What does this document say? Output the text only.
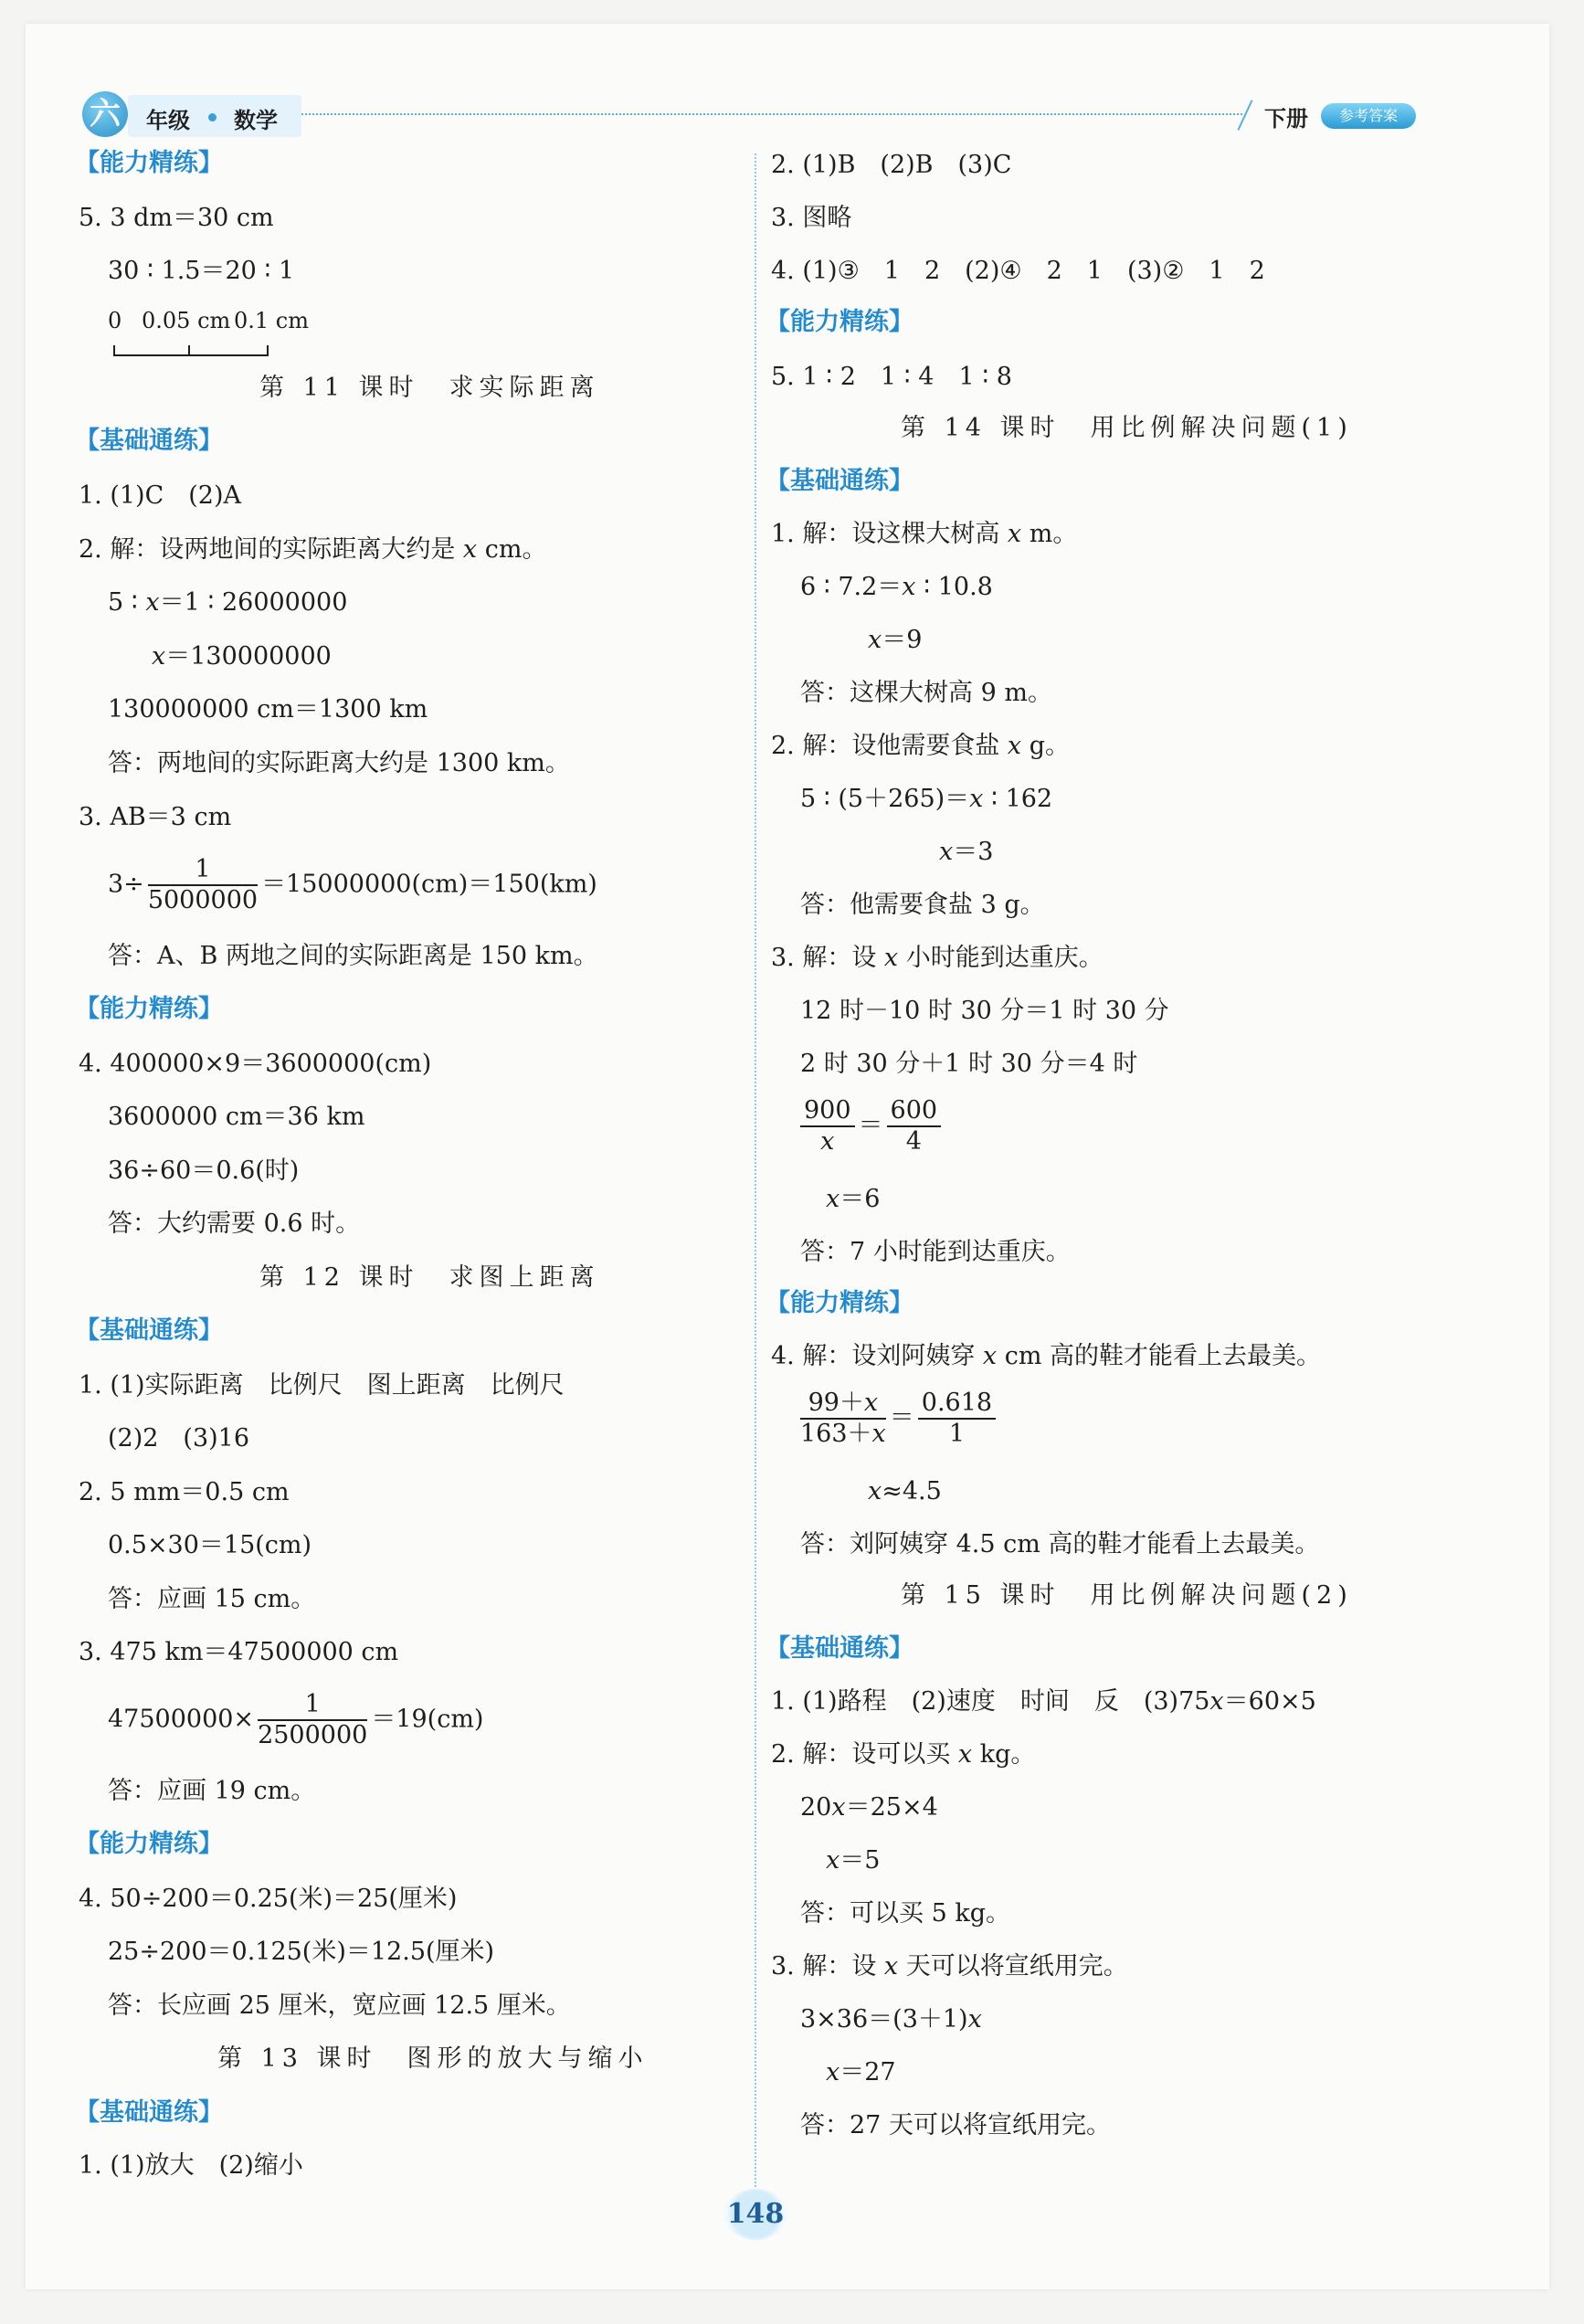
六	年级 数学	下册	参考答案
【能力精练】
5. 3 dm＝30 cm
30 ∶ 1.5＝20 ∶ 1
0 0.05 cm 0.1 cm
第 11 课时　求实际距离
【基础通练】
1. (1)C　(2)A
2. 解：设两地间的实际距离大约是 𝑥 cm。
5 ∶ 𝑥＝1 ∶ 26000000
𝑥＝130000000
130000000 cm＝1300 km
答：两地间的实际距离大约是 1300 km。
3. AB＝3 cm
$3\div \frac{1}{5000000} =15000000(cm)=150(km)$
答：A、B 两地之间的实际距离是 150 km。
【能力精练】
4. 400000×9＝3600000(cm)
3600000 cm＝36 km
36÷60＝0.6(时)
答：大约需要 0.6 时。
第 12 课时　求图上距离
【基础通练】
1. (1)实际距离　比例尺　图上距离　比例尺
(2)2　(3)16
2. 5 mm＝0.5 cm
0.5×30＝15(cm)
答：应画 15 cm。
3. 475 km＝47500000 cm
$47500000\times \frac{1}{2500000} =19(cm)$
答：应画 19 cm。
【能力精练】
4. 50÷200＝0.25(米)＝25(厘米)
25÷200＝0.125(米)＝12.5(厘米)
答：长应画 25 厘米，宽应画 12.5 厘米。
第 13 课时　图形的放大与缩小
【基础通练】
1. (1)放大　(2)缩小
2. (1)B　(2)B　(3)C
3. 图略
4. (1)③　1　2　(2)④　2　1　(3)②　1　2
【能力精练】
5. 1 ∶ 2　1 ∶ 4　1 ∶ 8
第 14 课时　用比例解决问题(1)
【基础通练】
1. 解：设这棵大树高 𝑥 m。
6 ∶ 7.2＝𝑥 ∶ 10.8
𝑥＝9
答：这棵大树高 9 m。
2. 解：设他需要食盐 𝑥 g。
5 ∶ (5＋265)＝𝑥 ∶ 162
𝑥＝3
答：他需要食盐 3 g。
3. 解：设 𝑥 小时能到达重庆。
12 时－10 时 30 分＝1 时 30 分
2 时 30 分＋1 时 30 分＝4 时
$\frac{900}{\text{𝑥}} = \frac{600}{4}$
𝑥＝6
答：7 小时能到达重庆。
【能力精练】
4. 解：设刘阿姨穿 𝑥 cm 高的鞋才能看上去最美。
$\frac{\text{99＋𝑥}}{\text{163＋𝑥}} = \frac{0.618}{1}$
𝑥≈4.5
答：刘阿姨穿 4.5 cm 高的鞋才能看上去最美。
第 15 课时　用比例解决问题(2)
【基础通练】
1. (1)路程　(2)速度　时间　反　(3)75𝑥＝60×5
2. 解：设可以买 𝑥 kg。
20𝑥＝25×4
𝑥＝5
答：可以买 5 kg。
3. 解：设 𝑥 天可以将宣纸用完。
3×36＝(3＋1)𝑥
𝑥＝27
答：27 天可以将宣纸用完。
148
